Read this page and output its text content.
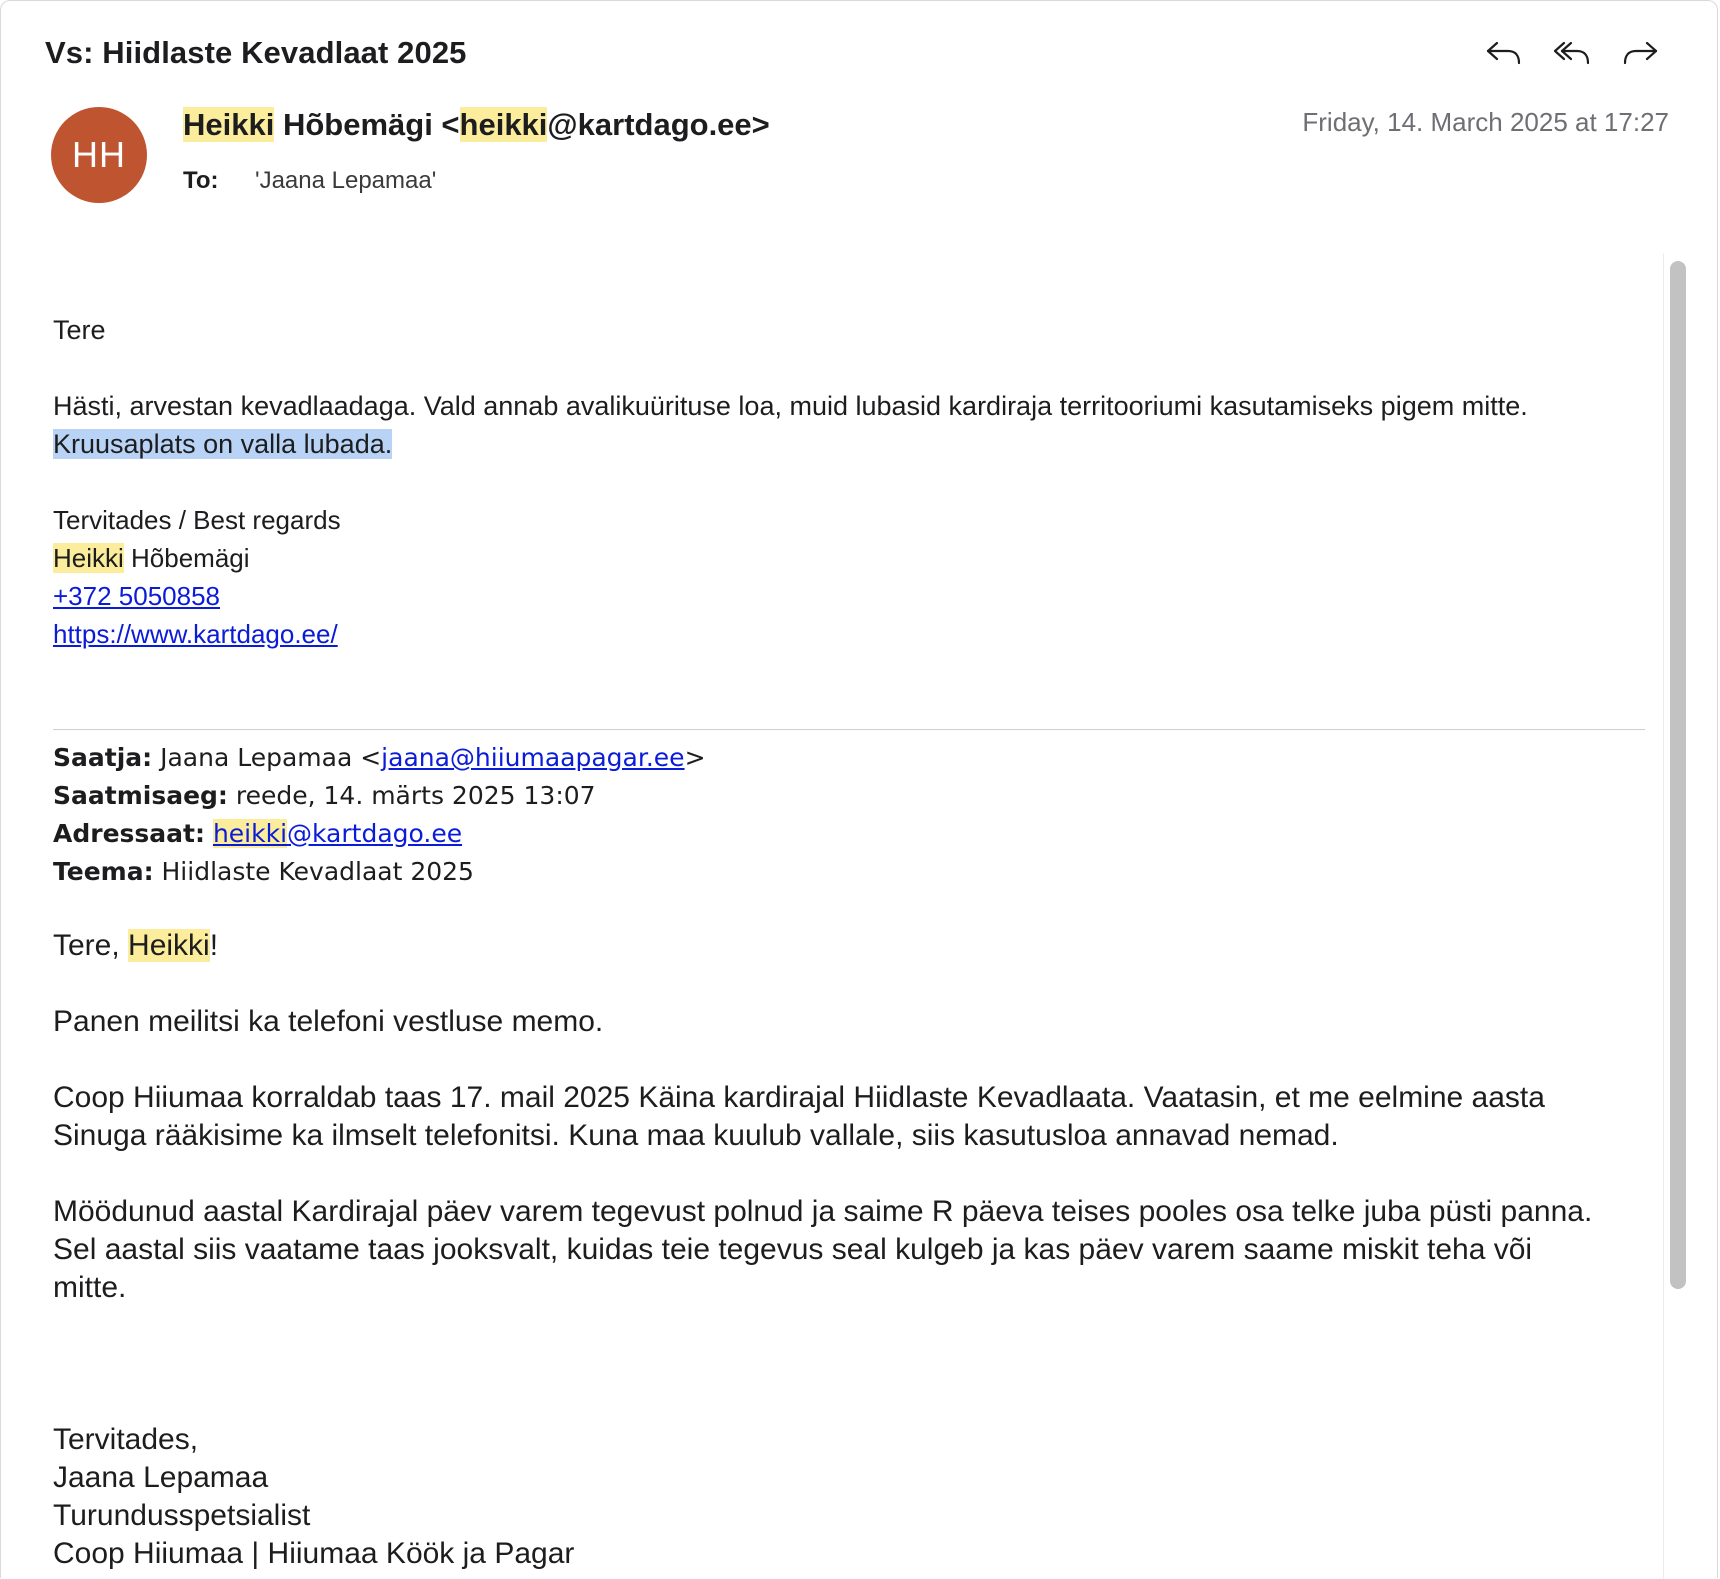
Vs: Hiidlaste Kevadlaat 2025
HH
Heikki Hõbemägi <heikki@kartdago.ee>	Friday, 14. March 2025 at 17:27
To: 'Jaana Lepamaa'
Tere
Hästi, arvestan kevadlaadaga. Vald annab avalikuürituse loa, muid lubasid kardiraja territooriumi kasutamiseks pigem mitte.
Kruusaplats on valla lubada.
Tervitades / Best regards
Heikki Hõbemägi
+372 5050858
https://www.kartdago.ee/
Saatja: Jaana Lepamaa <jaana@hiiumaapagar.ee>
Saatmisaeg: reede, 14. märts 2025 13:07
Adressaat: heikki@kartdago.ee
Teema: Hiidlaste Kevadlaat 2025
Tere, Heikki!
Panen meilitsi ka telefoni vestluse memo.
Coop Hiiumaa korraldab taas 17. mail 2025 Käina kardirajal Hiidlaste Kevadlaata. Vaatasin, et me eelmine aasta
Sinuga rääkisime ka ilmselt telefonitsi. Kuna maa kuulub vallale, siis kasutusloa annavad nemad.
Möödunud aastal Kardirajal päev varem tegevust polnud ja saime R päeva teises pooles osa telke juba püsti panna.
Sel aastal siis vaatame taas jooksvalt, kuidas teie tegevus seal kulgeb ja kas päev varem saame miskit teha või
mitte.
Tervitades,
Jaana Lepamaa
Turundusspetsialist
Coop Hiiumaa | Hiiumaa Köök ja Pagar
